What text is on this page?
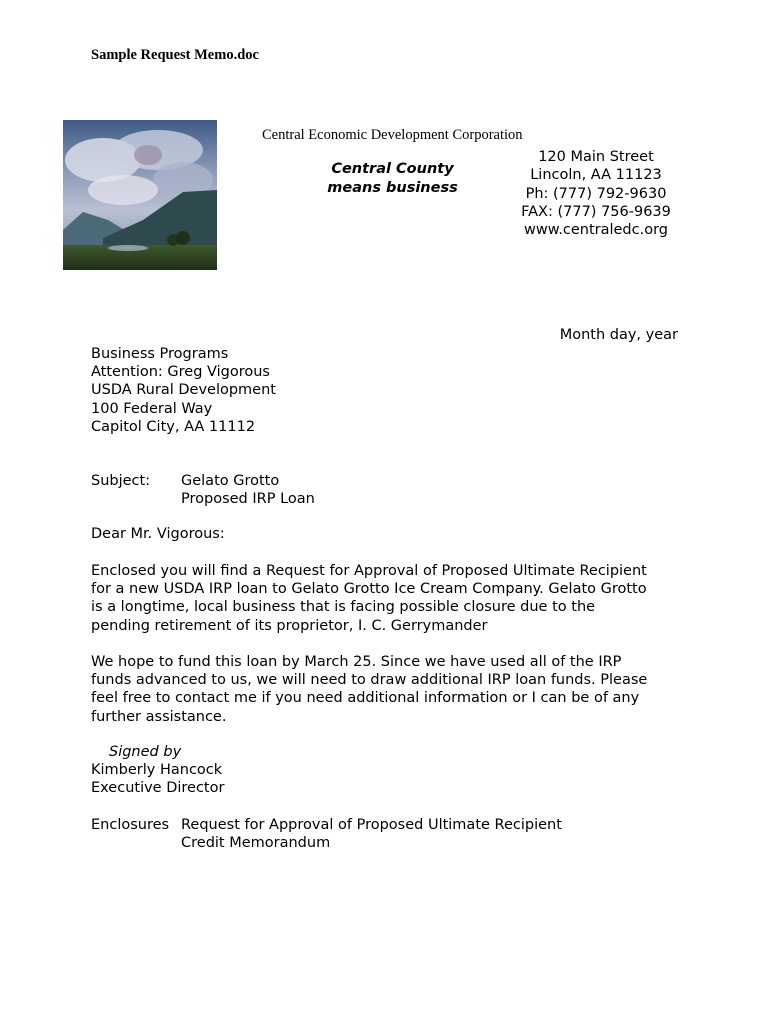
Sample Request Memo.doc
Central Economic Development Corporation
Central County
means business
120 Main Street
Lincoln, AA 11123
Ph: (777) 792-9630
FAX: (777) 756-9639
www.centraledc.org
Month day, year
Business Programs
Attention: Greg Vigorous
USDA Rural Development
100 Federal Way
Capitol City, AA 11112
Subject: Gelato Grotto
Proposed IRP Loan
Dear Mr. Vigorous:
Enclosed you will find a Request for Approval of Proposed Ultimate Recipient
for a new USDA IRP loan to Gelato Grotto Ice Cream Company. Gelato Grotto
is a longtime, local business that is facing possible closure due to the
pending retirement of its proprietor, I. C. Gerrymander
We hope to fund this loan by March 25. Since we have used all of the IRP
funds advanced to us, we will need to draw additional IRP loan funds. Please
feel free to contact me if you need additional information or I can be of any
further assistance.
Signed by
Kimberly Hancock
Executive Director
Enclosures Request for Approval of Proposed Ultimate Recipient
Credit Memorandum
